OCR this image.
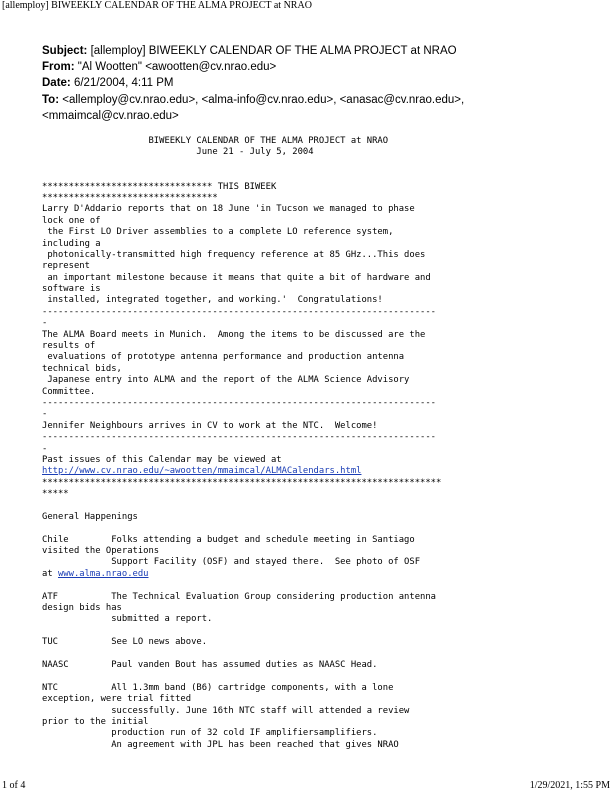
[allemploy] BIWEEKLY CALENDAR OF THE ALMA PROJECT at NRAO
Subject: [allemploy] BIWEEKLY CALENDAR OF THE ALMA PROJECT at NRAO
From: "Al Wootten" <awootten@cv.nrao.edu>
Date: 6/21/2004, 4:11 PM
To: <allemploy@cv.nrao.edu>, <alma-info@cv.nrao.edu>, <anasac@cv.nrao.edu>,
<mmaimcal@cv.nrao.edu>
BIWEEKLY CALENDAR OF THE ALMA PROJECT at NRAO
June 21 - July 5, 2004
******************************** THIS BIWEEK
*********************************
Larry D'Addario reports that on 18 June 'in Tucson we managed to phase
lock one of
the First LO Driver assemblies to a complete LO reference system,
including a
photonically-transmitted high frequency reference at 85 GHz...This does
represent
an important milestone because it means that quite a bit of hardware and
software is
installed, integrated together, and working.'  Congratulations!
--------------------------------------------------------------------------
-
The ALMA Board meets in Munich.  Among the items to be discussed are the
results of
evaluations of prototype antenna performance and production antenna
technical bids,
Japanese entry into ALMA and the report of the ALMA Science Advisory
Committee.
--------------------------------------------------------------------------
-
Jennifer Neighbours arrives in CV to work at the NTC.  Welcome!
--------------------------------------------------------------------------
-
Past issues of this Calendar may be viewed at
http://www.cv.nrao.edu/~awootten/mmaimcal/ALMACalendars.html
***************************************************************************
*****
General Happenings
Chile        Folks attending a budget and schedule meeting in Santiago
visited the Operations
Support Facility (OSF) and stayed there.  See photo of OSF
at www.alma.nrao.edu
ATF          The Technical Evaluation Group considering production antenna
design bids has
submitted a report.
TUC          See LO news above.
NAASC        Paul vanden Bout has assumed duties as NAASC Head.
NTC          All 1.3mm band (B6) cartridge components, with a lone
exception, were trial fitted
successfully. June 16th NTC staff will attended a review
prior to the initial
production run of 32 cold IF amplifiersamplifiers.
An agreement with JPL has been reached that gives NRAO
1 of 4	1/29/2021, 1:55 PM
